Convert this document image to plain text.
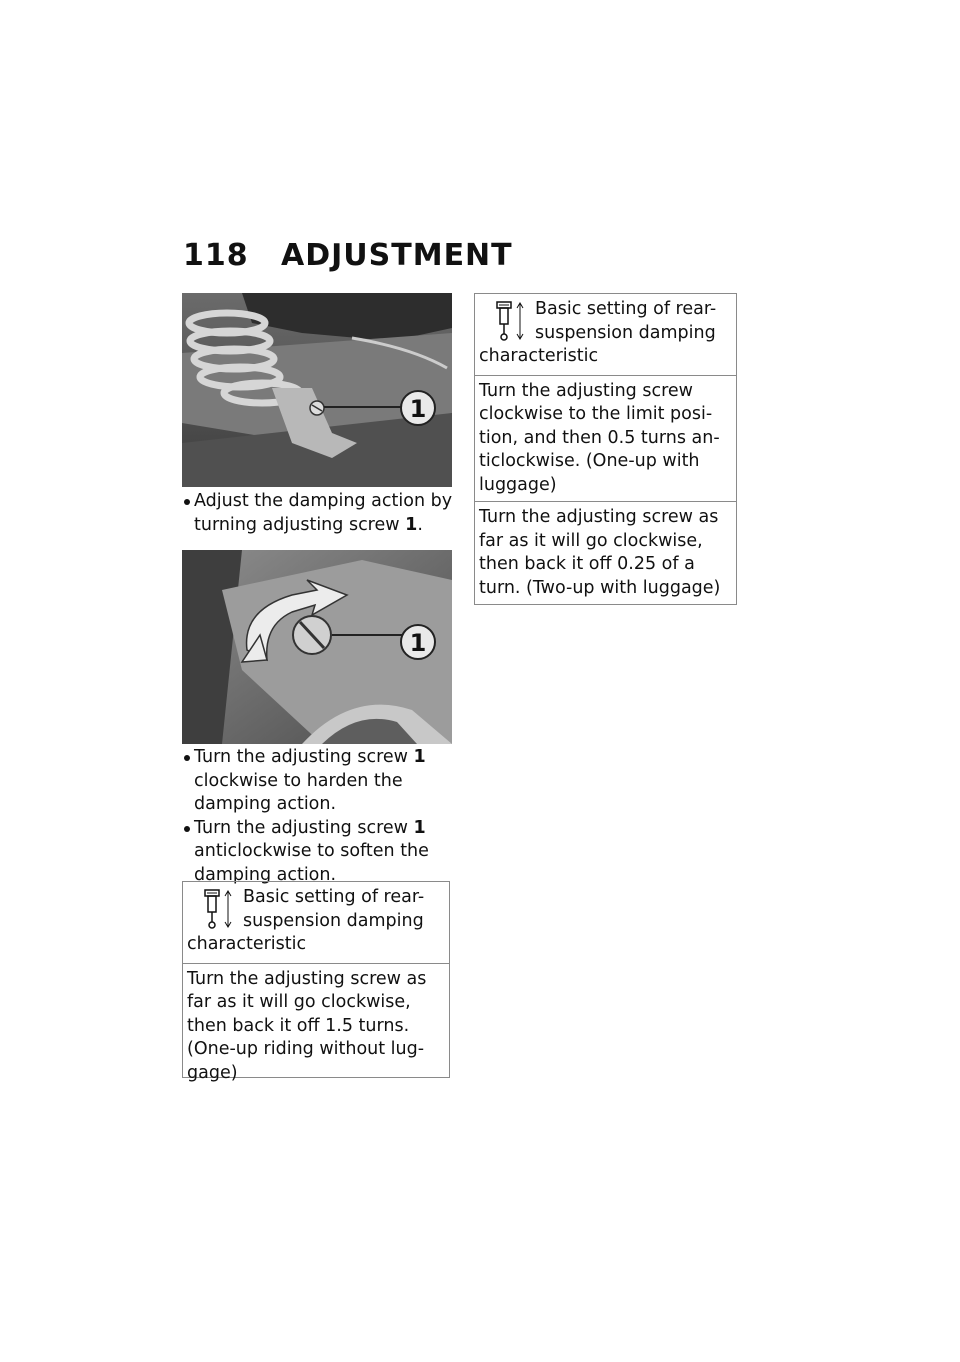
118 ADJUSTMENT
1
Adjust the damping action by turning adjusting screw 1.
1
Turn the adjusting screw 1 clockwise to harden the damping action.
Turn the adjusting screw 1 anticlockwise to soften the damping action.
Basic setting of rear-suspension damping characteristic
Turn the adjusting screw as far as it will go clockwise, then back it off 1.5 turns. (One-up riding without lug-gage)
Basic setting of rear-suspension damping characteristic
Turn the adjusting screw clockwise to the limit posi-tion, and then 0.5 turns an-ticlockwise. (One-up with luggage)
Turn the adjusting screw as far as it will go clockwise, then back it off 0.25 of a turn. (Two-up with luggage)
